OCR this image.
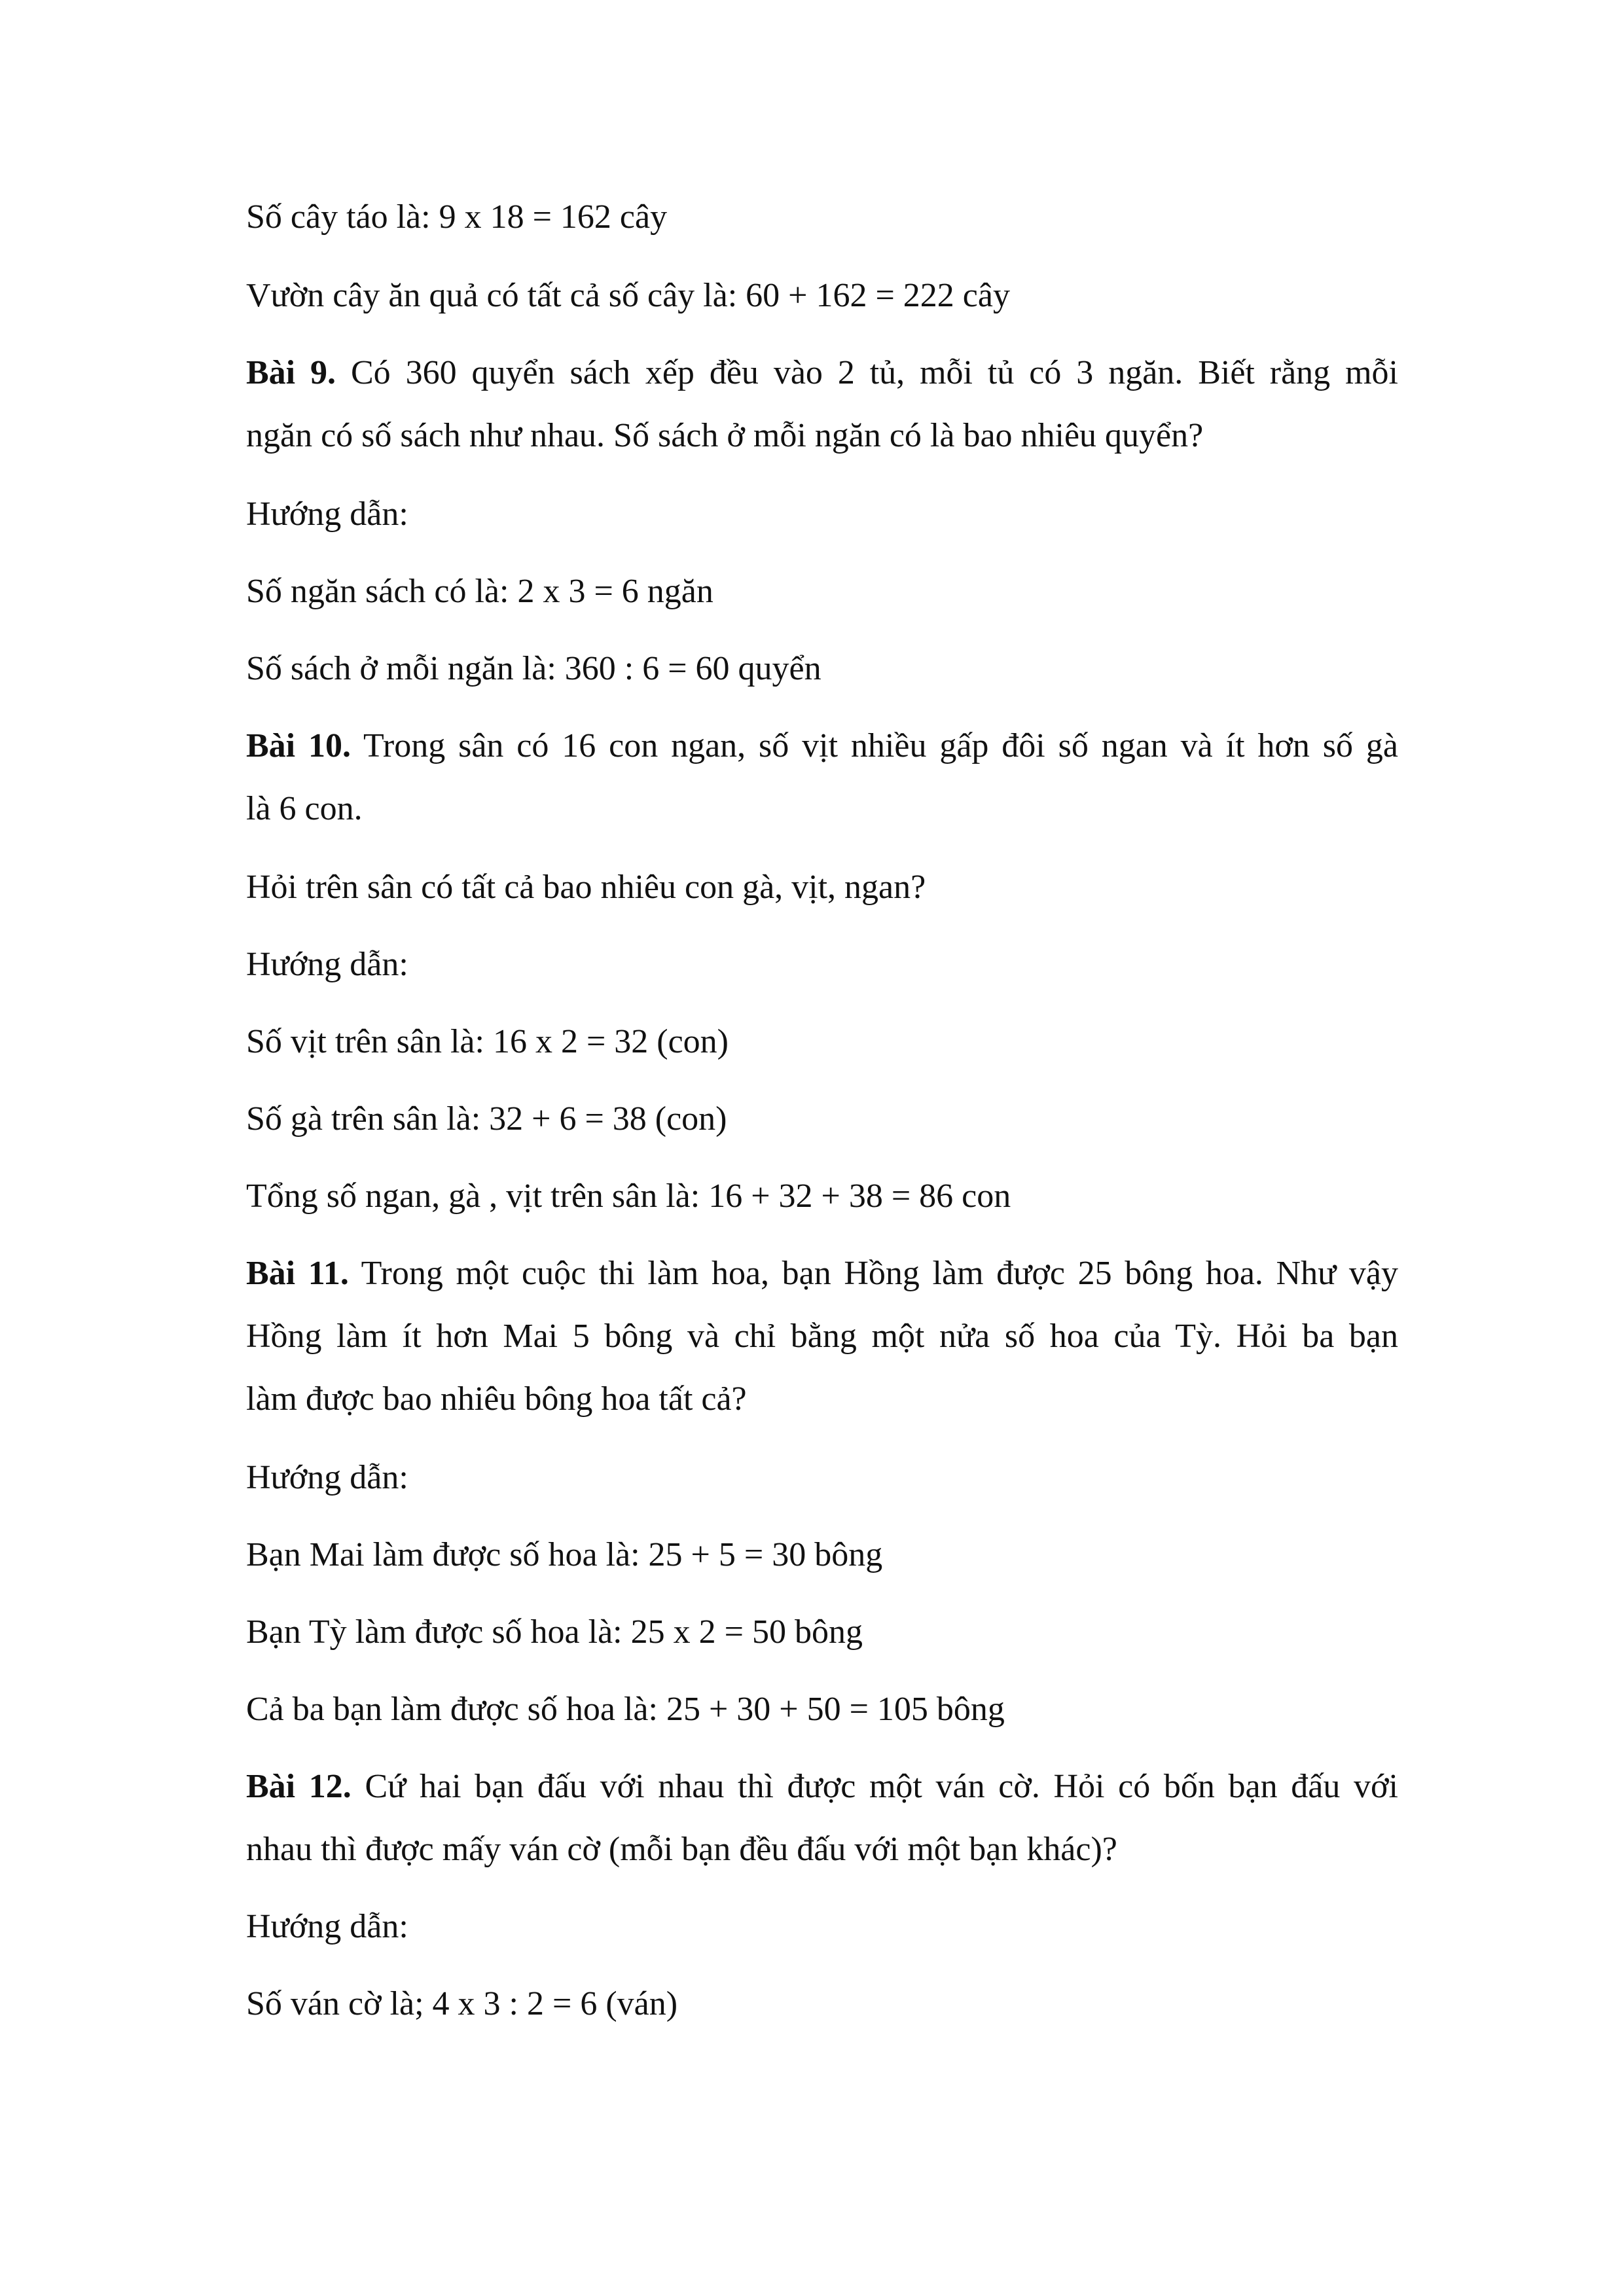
Số cây táo là: 9 x 18 = 162 cây
Vườn cây ăn quả có tất cả số cây là: 60 + 162 = 222 cây
Bài 9. Có 360 quyển sách xếp đều vào 2 tủ, mỗi tủ có 3 ngăn. Biết rằng mỗi
ngăn có số sách như nhau. Số sách ở mỗi ngăn có là bao nhiêu quyển?
Hướng dẫn:
Số ngăn sách có là: 2 x 3 = 6 ngăn
Số sách ở mỗi ngăn là: 360 : 6 = 60 quyển
Bài 10. Trong sân có 16 con ngan, số vịt nhiều gấp đôi số ngan và ít hơn số gà
là 6 con.
Hỏi trên sân có tất cả bao nhiêu con gà, vịt, ngan?
Hướng dẫn:
Số vịt trên sân là: 16 x 2 = 32 (con)
Số gà trên sân là: 32 + 6 = 38 (con)
Tổng số ngan, gà , vịt trên sân là: 16 + 32 + 38 = 86 con
Bài 11. Trong một cuộc thi làm hoa, bạn Hồng làm được 25 bông hoa. Như vậy
Hồng làm ít hơn Mai 5 bông và chỉ bằng một nửa số hoa của Tỳ. Hỏi ba bạn
làm được bao nhiêu bông hoa tất cả?
Hướng dẫn:
Bạn Mai làm được số hoa là: 25 + 5 = 30 bông
Bạn Tỳ làm được số hoa là: 25 x 2 = 50 bông
Cả ba bạn làm được số hoa là: 25 + 30 + 50 = 105 bông
Bài 12. Cứ hai bạn đấu với nhau thì được một ván cờ. Hỏi có bốn bạn đấu với
nhau thì được mấy ván cờ (mỗi bạn đều đấu với một bạn khác)?
Hướng dẫn:
Số ván cờ là; 4 x 3 : 2 = 6 (ván)
